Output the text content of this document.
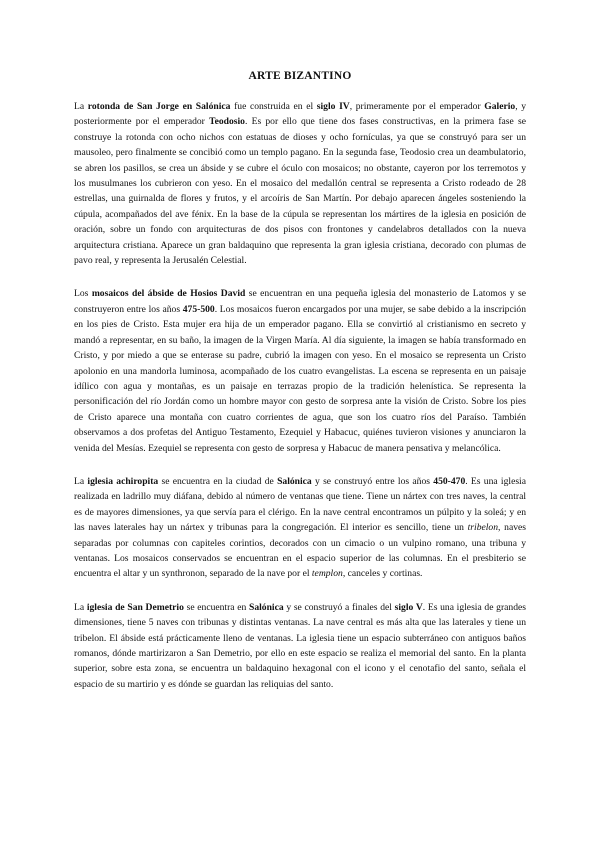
ARTE BIZANTINO

La rotonda de San Jorge en Salónica fue construida en el siglo IV, primeramente por el emperador Galerio, y posteriormente por el emperador Teodosio. Es por ello que tiene dos fases constructivas, en la primera fase se construye la rotonda con ocho nichos con estatuas de dioses y ocho fornículas, ya que se construyó para ser un mausoleo, pero finalmente se concibió como un templo pagano. En la segunda fase, Teodosio crea un deambulatorio, se abren los pasillos, se crea un ábside y se cubre el óculo con mosaicos; no obstante, cayeron por los terremotos y los musulmanes los cubrieron con yeso. En el mosaico del medallón central se representa a Cristo rodeado de 28 estrellas, una guirnalda de flores y frutos, y el arcoíris de San Martín. Por debajo aparecen ángeles sosteniendo la cúpula, acompañados del ave fénix. En la base de la cúpula se representan los mártires de la iglesia en posición de oración, sobre un fondo con arquitecturas de dos pisos con frontones y candelabros detallados con la nueva arquitectura cristiana. Aparece un gran baldaquino que representa la gran iglesia cristiana, decorado con plumas de pavo real, y representa la Jerusalén Celestial.

Los mosaicos del ábside de Hosios David se encuentran en una pequeña iglesia del monasterio de Latomos y se construyeron entre los años 475-500. Los mosaicos fueron encargados por una mujer, se sabe debido a la inscripción en los pies de Cristo. Esta mujer era hija de un emperador pagano. Ella se convirtió al cristianismo en secreto y mandó a representar, en su baño, la imagen de la Virgen María. Al día siguiente, la imagen se había transformado en Cristo, y por miedo a que se enterase su padre, cubrió la imagen con yeso. En el mosaico se representa un Cristo apolonio en una mandorla luminosa, acompañado de los cuatro evangelistas. La escena se representa en un paisaje idílico con agua y montañas, es un paisaje en terrazas propio de la tradición helenística. Se representa la personificación del río Jordán como un hombre mayor con gesto de sorpresa ante la visión de Cristo. Sobre los pies de Cristo aparece una montaña con cuatro corrientes de agua, que son los cuatro ríos del Paraíso. También observamos a dos profetas del Antiguo Testamento, Ezequiel y Habacuc, quiénes tuvieron visiones y anunciaron la venida del Mesías. Ezequiel se representa con gesto de sorpresa y Habacuc de manera pensativa y melancólica.

La iglesia achiropita se encuentra en la ciudad de Salónica y se construyó entre los años 450-470. Es una iglesia realizada en ladrillo muy diáfana, debido al número de ventanas que tiene. Tiene un nártex con tres naves, la central es de mayores dimensiones, ya que servía para el clérigo. En la nave central encontramos un púlpito y la soleá; y en las naves laterales hay un nártex y tribunas para la congregación. El interior es sencillo, tiene un tribelon, naves separadas por columnas con capiteles corintios, decorados con un cimacio o un vulpino romano, una tribuna y ventanas. Los mosaicos conservados se encuentran en el espacio superior de las columnas. En el presbiterio se encuentra el altar y un synthronon, separado de la nave por el templon, canceles y cortinas.

La iglesia de San Demetrio se encuentra en Salónica y se construyó a finales del siglo V. Es una iglesia de grandes dimensiones, tiene 5 naves con tribunas y distintas ventanas. La nave central es más alta que las laterales y tiene un tribelon. El ábside está prácticamente lleno de ventanas. La iglesia tiene un espacio subterráneo con antiguos baños romanos, dónde martirizaron a San Demetrio, por ello en este espacio se realiza el memorial del santo. En la planta superior, sobre esta zona, se encuentra un baldaquino hexagonal con el icono y el cenotafio del santo, señala el espacio de su martirio y es dónde se guardan las reliquias del santo.
